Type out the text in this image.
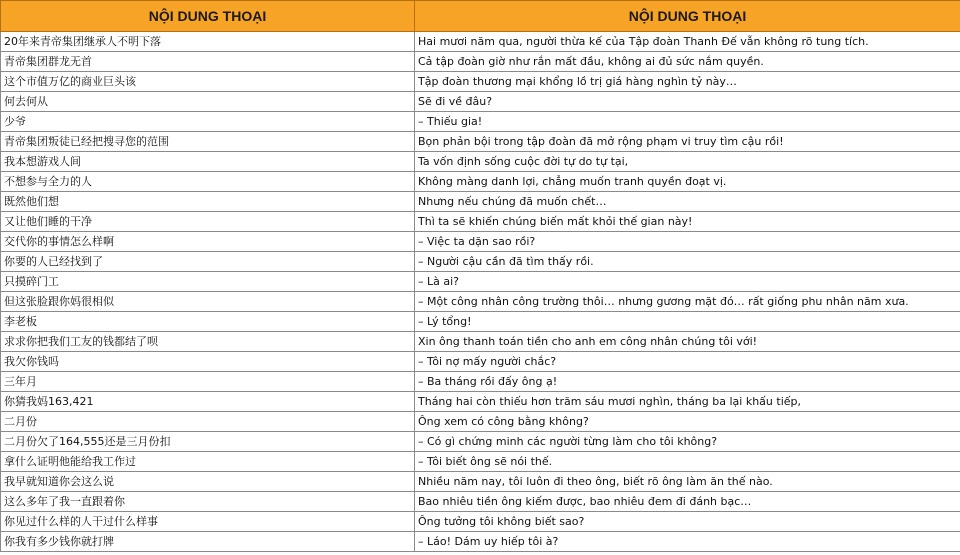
NỘI DUNG THOẠI	NỘI DUNG THOẠI
20年来青帝集团继承人不明下落	Hai mươi năm qua, người thừa kế của Tập đoàn Thanh Đế vẫn không rõ tung tích.
青帝集团群龙无首	Cả tập đoàn giờ như rắn mất đầu, không ai đủ sức nắm quyền.
这个市值万亿的商业巨头该	Tập đoàn thương mại khổng lồ trị giá hàng nghìn tỷ này…
何去何从	Sẽ đi về đâu?
少爷	– Thiếu gia!
青帝集团叛徒已经把搜寻您的范围	Bọn phản bội trong tập đoàn đã mở rộng phạm vi truy tìm cậu rồi!
我本想游戏人间	Ta vốn định sống cuộc đời tự do tự tại,
不想参与全力的人	Không màng danh lợi, chẳng muốn tranh quyền đoạt vị.
既然他们想	Nhưng nếu chúng đã muốn chết…
又让他们睡的干净	Thì ta sẽ khiến chúng biến mất khỏi thế gian này!
交代你的事情怎么样啊	– Việc ta dặn sao rồi?
你要的人已经找到了	– Người cậu cần đã tìm thấy rồi.
只摸碎门工	– Là ai?
但这张脸跟你妈很相似	– Một công nhân công trường thôi… nhưng gương mặt đó… rất giống phu nhân năm xưa.
李老板	– Lý tổng!
求求你把我们工友的钱都结了呗	Xin ông thanh toán tiền cho anh em công nhân chúng tôi với!
我欠你钱吗	– Tôi nợ mấy người chắc?
三年月	– Ba tháng rồi đấy ông ạ!
你猜我妈163,421	Tháng hai còn thiếu hơn trăm sáu mươi nghìn, tháng ba lại khấu tiếp,
二月份	Ông xem có công bằng không?
二月份欠了164,555还是三月份扣	– Có gì chứng minh các người từng làm cho tôi không?
拿什么证明他能给我工作过	– Tôi biết ông sẽ nói thế.
我早就知道你会这么说	Nhiều năm nay, tôi luôn đi theo ông, biết rõ ông làm ăn thế nào.
这么多年了我一直跟着你	Bao nhiêu tiền ông kiếm được, bao nhiêu đem đi đánh bạc…
你见过什么样的人干过什么样事	Ông tưởng tôi không biết sao?
你我有多少钱你就打牌	– Láo! Dám uy hiếp tôi à?
